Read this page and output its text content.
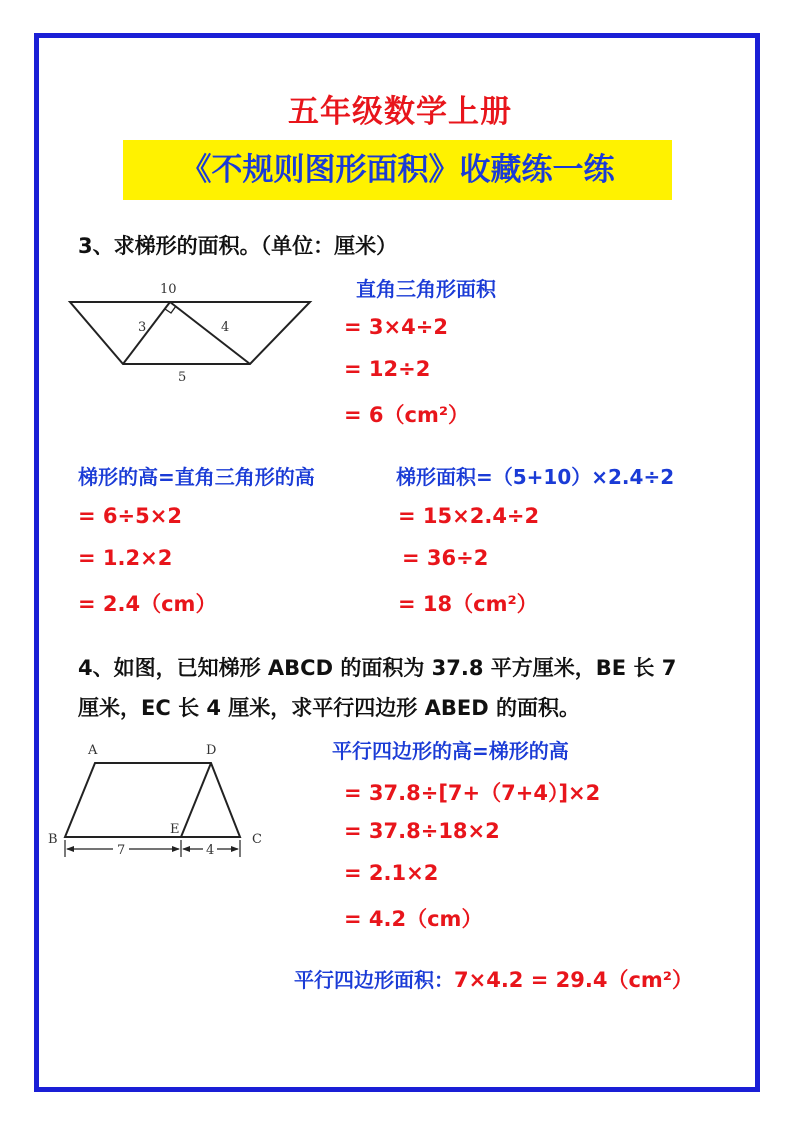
五年级数学上册
《不规则图形面积》收藏练一练
3、求梯形的面积。（单位：厘米）
10
3	4
5
直角三角形面积
= 3×4÷2
= 12÷2
= 6（cm²）
梯形的高=直角三角形的高
= 6÷5×2
= 1.2×2
= 2.4（cm）
梯形面积=（5+10）×2.4÷2
= 15×2.4÷2
= 36÷2
= 18（cm²）
4、如图，已知梯形 ABCD 的面积为 37.8 平方厘米，BE 长 7
厘米，EC 长 4 厘米，求平行四边形 ABED 的面积。
A	D
B
E
C
7	4
平行四边形的高=梯形的高
= 37.8÷[7+（7+4）]×2
= 37.8÷18×2
= 2.1×2
= 4.2（cm）
平行四边形面积：7×4.2 = 29.4（cm²）
